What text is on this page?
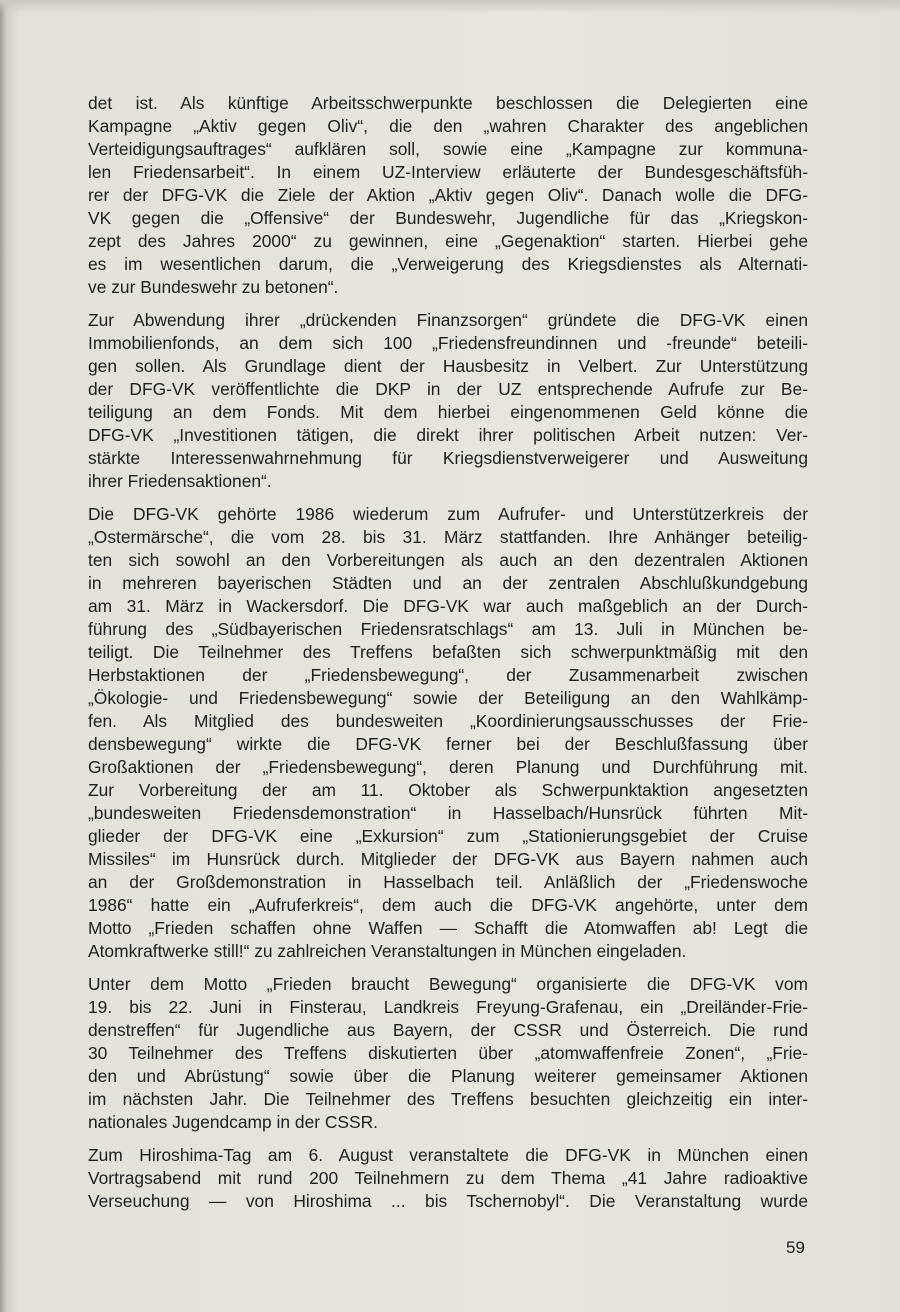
det ist. Als künftige Arbeitsschwerpunkte beschlossen die Delegierten eine
Kampagne „Aktiv gegen Oliv“, die den „wahren Charakter des angeblichen
Verteidigungsauftrages“ aufklären soll, sowie eine „Kampagne zur kommuna-
len Friedensarbeit“. In einem UZ-Interview erläuterte der Bundesgeschäftsfüh-
rer der DFG-VK die Ziele der Aktion „Aktiv gegen Oliv“. Danach wolle die DFG-
VK gegen die „Offensive“ der Bundeswehr, Jugendliche für das „Kriegskon-
zept des Jahres 2000“ zu gewinnen, eine „Gegenaktion“ starten. Hierbei gehe
es im wesentlichen darum, die „Verweigerung des Kriegsdienstes als Alternati-
ve zur Bundeswehr zu betonen“.
Zur Abwendung ihrer „drückenden Finanzsorgen“ gründete die DFG-VK einen
Immobilienfonds, an dem sich 100 „Friedensfreundinnen und -freunde“ beteili-
gen sollen. Als Grundlage dient der Hausbesitz in Velbert. Zur Unterstützung
der DFG-VK veröffentlichte die DKP in der UZ entsprechende Aufrufe zur Be-
teiligung an dem Fonds. Mit dem hierbei eingenommenen Geld könne die
DFG-VK „Investitionen tätigen, die direkt ihrer politischen Arbeit nutzen: Ver-
stärkte Interessenwahrnehmung für Kriegsdienstverweigerer und Ausweitung
ihrer Friedensaktionen“.
Die DFG-VK gehörte 1986 wiederum zum Aufrufer- und Unterstützerkreis der
„Ostermärsche“, die vom 28. bis 31. März stattfanden. Ihre Anhänger beteilig-
ten sich sowohl an den Vorbereitungen als auch an den dezentralen Aktionen
in mehreren bayerischen Städten und an der zentralen Abschlußkundgebung
am 31. März in Wackersdorf. Die DFG-VK war auch maßgeblich an der Durch-
führung des „Südbayerischen Friedensratschlags“ am 13. Juli in München be-
teiligt. Die Teilnehmer des Treffens befaßten sich schwerpunktmäßig mit den
Herbstaktionen der „Friedensbewegung“, der Zusammenarbeit zwischen
„Ökologie- und Friedensbewegung“ sowie der Beteiligung an den Wahlkämp-
fen. Als Mitglied des bundesweiten „Koordinierungsausschusses der Frie-
densbewegung“ wirkte die DFG-VK ferner bei der Beschlußfassung über
Großaktionen der „Friedensbewegung“, deren Planung und Durchführung mit.
Zur Vorbereitung der am 11. Oktober als Schwerpunktaktion angesetzten
„bundesweiten Friedensdemonstration“ in Hasselbach/Hunsrück führten Mit-
glieder der DFG-VK eine „Exkursion“ zum „Stationierungsgebiet der Cruise
Missiles“ im Hunsrück durch. Mitglieder der DFG-VK aus Bayern nahmen auch
an der Großdemonstration in Hasselbach teil. Anläßlich der „Friedenswoche
1986“ hatte ein „Aufruferkreis“, dem auch die DFG-VK angehörte, unter dem
Motto „Frieden schaffen ohne Waffen — Schafft die Atomwaffen ab! Legt die
Atomkraftwerke still!“ zu zahlreichen Veranstaltungen in München eingeladen.
Unter dem Motto „Frieden braucht Bewegung“ organisierte die DFG-VK vom
19. bis 22. Juni in Finsterau, Landkreis Freyung-Grafenau, ein „Dreiländer-Frie-
denstreffen“ für Jugendliche aus Bayern, der CSSR und Österreich. Die rund
30 Teilnehmer des Treffens diskutierten über „atomwaffenfreie Zonen“, „Frie-
den und Abrüstung“ sowie über die Planung weiterer gemeinsamer Aktionen
im nächsten Jahr. Die Teilnehmer des Treffens besuchten gleichzeitig ein inter-
nationales Jugendcamp in der CSSR.
Zum Hiroshima-Tag am 6. August veranstaltete die DFG-VK in München einen
Vortragsabend mit rund 200 Teilnehmern zu dem Thema „41 Jahre radioaktive
Verseuchung — von Hiroshima ... bis Tschernobyl“. Die Veranstaltung wurde
59
